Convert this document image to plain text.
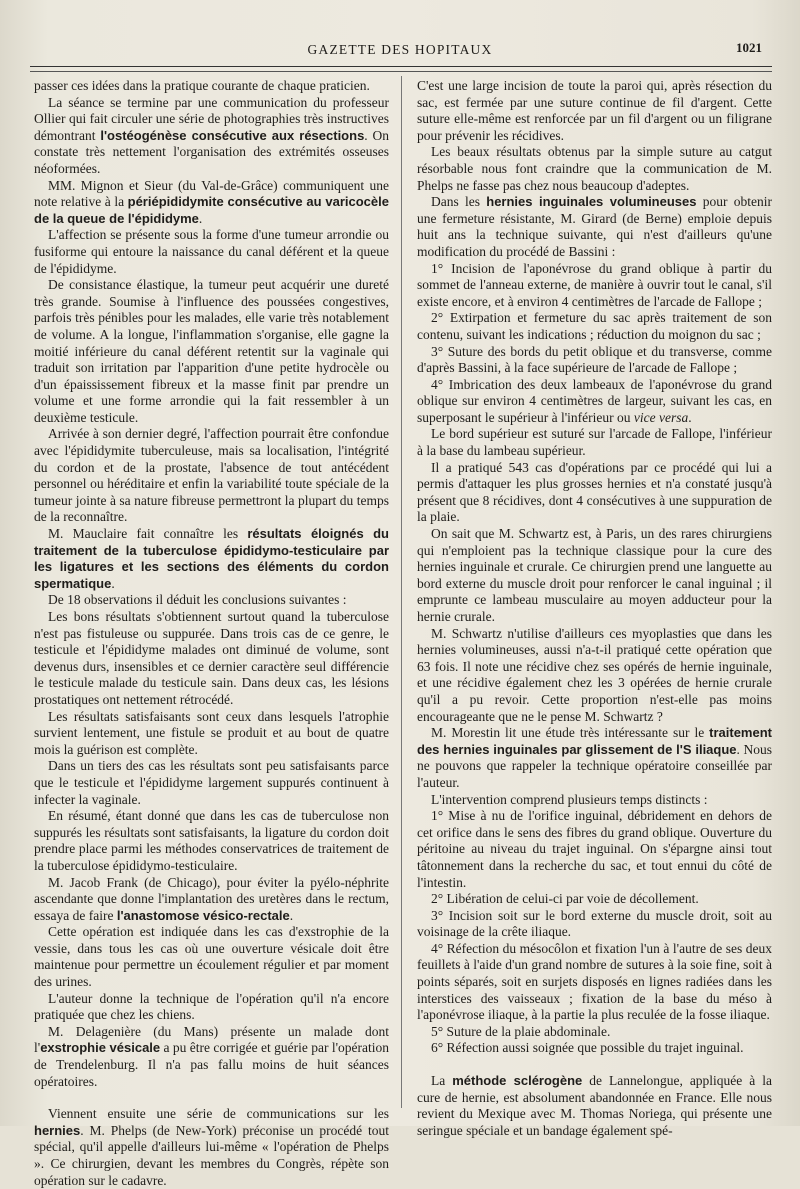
GAZETTE DES HOPITAUX	1021

passer ces idées dans la pratique courante de chaque praticien.

La séance se termine par une communication du professeur Ollier qui fait circuler une série de photographies très instructives démontrant l'ostéogénèse consécutive aux résections. On constate très nettement l'organisation des extrémités osseuses néoformées.

MM. Mignon et Sieur (du Val-de-Grâce) communiquent une note relative à la périépididymite consécutive au varicocèle de la queue de l'épididyme.

L'affection se présente sous la forme d'une tumeur arrondie ou fusiforme qui entoure la naissance du canal déférent et la queue de l'épididyme.

De consistance élastique, la tumeur peut acquérir une dureté très grande. Soumise à l'influence des poussées congestives, parfois très pénibles pour les malades, elle varie très notablement de volume. A la longue, l'inflammation s'organise, elle gagne la moitié inférieure du canal déférent retentit sur la vaginale qui traduit son irritation par l'apparition d'une petite hydrocèle ou d'un épaississement fibreux et la masse finit par prendre un volume et une forme arrondie qui la fait ressembler à un deuxième testicule.

Arrivée à son dernier degré, l'affection pourrait être confondue avec l'épididymite tuberculeuse, mais sa localisation, l'intégrité du cordon et de la prostate, l'absence de tout antécédent personnel ou héréditaire et enfin la variabilité toute spéciale de la tumeur jointe à sa nature fibreuse permettront la plupart du temps de la reconnaître.

M. Mauclaire fait connaître les résultats éloignés du traitement de la tuberculose épididymo-testiculaire par les ligatures et les sections des éléments du cordon spermatique.

De 18 observations il déduit les conclusions suivantes :

Les bons résultats s'obtiennent surtout quand la tuberculose n'est pas fistuleuse ou suppurée. Dans trois cas de ce genre, le testicule et l'épididyme malades ont diminué de volume, sont devenus durs, insensibles et ce dernier caractère seul différencie le testicule malade du testicule sain. Dans deux cas, les lésions prostatiques ont nettement rétrocédé.

Les résultats satisfaisants sont ceux dans lesquels l'atrophie survient lentement, une fistule se produit et au bout de quatre mois la guérison est complète.

Dans un tiers des cas les résultats sont peu satisfaisants parce que le testicule et l'épididyme largement suppurés continuent à infecter la vaginale.

En résumé, étant donné que dans les cas de tuberculose non suppurés les résultats sont satisfaisants, la ligature du cordon doit prendre place parmi les méthodes conservatrices de traitement de la tuberculose épididymo-testiculaire.

M. Jacob Frank (de Chicago), pour éviter la pyélo-néphrite ascendante que donne l'implantation des uretères dans le rectum, essaya de faire l'anastomose vésico-rectale.

Cette opération est indiquée dans les cas d'exstrophie de la vessie, dans tous les cas où une ouverture vésicale doit être maintenue pour permettre un écoulement régulier et par moment des urines.

L'auteur donne la technique de l'opération qu'il n'a encore pratiquée que chez les chiens.

M. Delagenière (du Mans) présente un malade dont l'exstrophie vésicale a pu être corrigée et guérie par l'opération de Trendelenburg. Il n'a pas fallu moins de huit séances opératoires.

Viennent ensuite une série de communications sur les hernies. M. Phelps (de New-York) préconise un procédé tout spécial, qu'il appelle d'ailleurs lui-même « l'opération de Phelps ». Ce chirurgien, devant les membres du Congrès, répète son opération sur le cadavre.

C'est une large incision de toute la paroi qui, après résection du sac, est fermée par une suture continue de fil d'argent. Cette suture elle-même est renforcée par un fil d'argent ou un filigrane pour prévenir les récidives.

Les beaux résultats obtenus par la simple suture au catgut résorbable nous font craindre que la communication de M. Phelps ne fasse pas chez nous beaucoup d'adeptes.

Dans les hernies inguinales volumineuses pour obtenir une fermeture résistante, M. Girard (de Berne) emploie depuis huit ans la technique suivante, qui n'est d'ailleurs qu'une modification du procédé de Bassini :

1° Incision de l'aponévrose du grand oblique à partir du sommet de l'anneau externe, de manière à ouvrir tout le canal, s'il existe encore, et à environ 4 centimètres de l'arcade de Fallope ;

2° Extirpation et fermeture du sac après traitement de son contenu, suivant les indications ; réduction du moignon du sac ;

3° Suture des bords du petit oblique et du transverse, comme d'après Bassini, à la face supérieure de l'arcade de Fallope ;

4° Imbrication des deux lambeaux de l'aponévrose du grand oblique sur environ 4 centimètres de largeur, suivant les cas, en superposant le supérieur à l'inférieur ou vice versa.

Le bord supérieur est suturé sur l'arcade de Fallope, l'inférieur à la base du lambeau supérieur.

Il a pratiqué 543 cas d'opérations par ce procédé qui lui a permis d'attaquer les plus grosses hernies et n'a constaté jusqu'à présent que 8 récidives, dont 4 consécutives à une suppuration de la plaie.

On sait que M. Schwartz est, à Paris, un des rares chirurgiens qui n'emploient pas la technique classique pour la cure des hernies inguinale et crurale. Ce chirurgien prend une languette au bord externe du muscle droit pour renforcer le canal inguinal ; il emprunte ce lambeau musculaire au moyen adducteur pour la hernie crurale.

M. Schwartz n'utilise d'ailleurs ces myoplasties que dans les hernies volumineuses, aussi n'a-t-il pratiqué cette opération que 63 fois. Il note une récidive chez ses opérés de hernie inguinale, et une récidive également chez les 3 opérées de hernie crurale qu'il a pu revoir. Cette proportion n'est-elle pas moins encourageante que ne le pense M. Schwartz ?

M. Morestin lit une étude très intéressante sur le traitement des hernies inguinales par glissement de l'S iliaque. Nous ne pouvons que rappeler la technique opératoire conseillée par l'auteur.

L'intervention comprend plusieurs temps distincts :

1° Mise à nu de l'orifice inguinal, débridement en dehors de cet orifice dans le sens des fibres du grand oblique. Ouverture du péritoine au niveau du trajet inguinal. On s'épargne ainsi tout tâtonnement dans la recherche du sac, et tout ennui du côté de l'intestin.

2° Libération de celui-ci par voie de décollement.

3° Incision soit sur le bord externe du muscle droit, soit au voisinage de la crête iliaque.

4° Réfection du mésocôlon et fixation l'un à l'autre de ses deux feuillets à l'aide d'un grand nombre de sutures à la soie fine, soit à points séparés, soit en surjets disposés en lignes radiées dans les interstices des vaisseaux ; fixation de la base du méso à l'aponévrose iliaque, à la partie la plus reculée de la fosse iliaque.

5° Suture de la plaie abdominale.

6° Réfection aussi soignée que possible du trajet inguinal.

La méthode sclérogène de Lannelongue, appliquée à la cure de hernie, est absolument abandonnée en France. Elle nous revient du Mexique avec M. Thomas Noriega, qui présente une seringue spéciale et un bandage également spé-
